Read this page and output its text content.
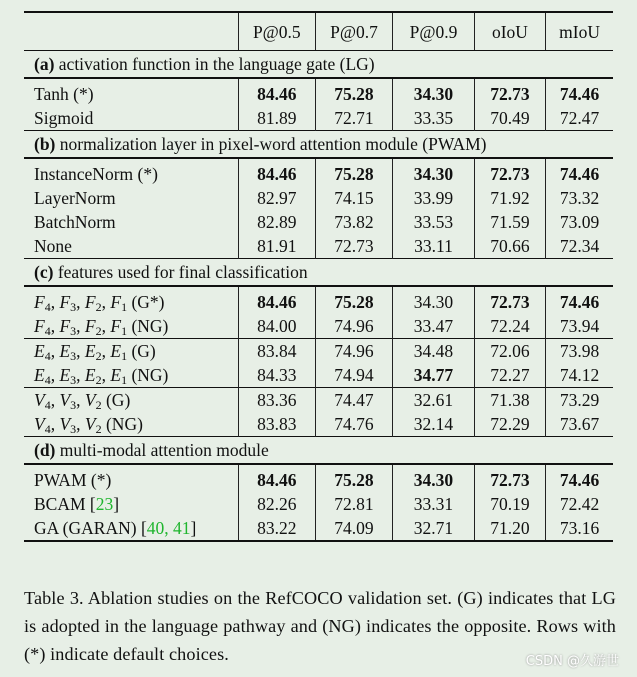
	P@0.5	P@0.7	P@0.9	oIoU	mIoU
(a) activation function in the language gate (LG)					
Tanh (*)	84.46	75.28	34.30	72.73	74.46
Sigmoid	81.89	72.71	33.35	70.49	72.47
(b) normalization layer in pixel-word attention module (PWAM)					
InstanceNorm (*)	84.46	75.28	34.30	72.73	74.46
LayerNorm	82.97	74.15	33.99	71.92	73.32
BatchNorm	82.89	73.82	33.53	71.59	73.09
None	81.91	72.73	33.11	70.66	72.34
(c) features used for final classification					
$F_4$, $F_3$, $F_2$, $F_1$ (G*)	84.46	75.28	34.30	72.73	74.46
$F_4$, $F_3$, $F_2$, $F_1$ (NG)	84.00	74.96	33.47	72.24	73.94
$E_4$, $E_3$, $E_2$, $E_1$ (G)	83.84	74.96	34.48	72.06	73.98
$E_4$, $E_3$, $E_2$, $E_1$ (NG)	84.33	74.94	34.77	72.27	74.12
$V_4$, $V_3$, $V_2$ (G)	83.36	74.47	32.61	71.38	73.29
$V_4$, $V_3$, $V_2$ (NG)	83.83	74.76	32.14	72.29	73.67
(d) multi-modal attention module					
PWAM (*)	84.46	75.28	34.30	72.73	74.46
BCAM [23]	82.26	72.81	33.31	70.19	72.42
GA (GARAN) [40, 41]	83.22	74.09	32.71	71.20	73.16
Table 3. Ablation studies on the RefCOCO validation set. (G) indicates that LG is adopted in the language pathway and (NG) indicates the opposite. Rows with (*) indicate default choices.	CSDN @久游世
